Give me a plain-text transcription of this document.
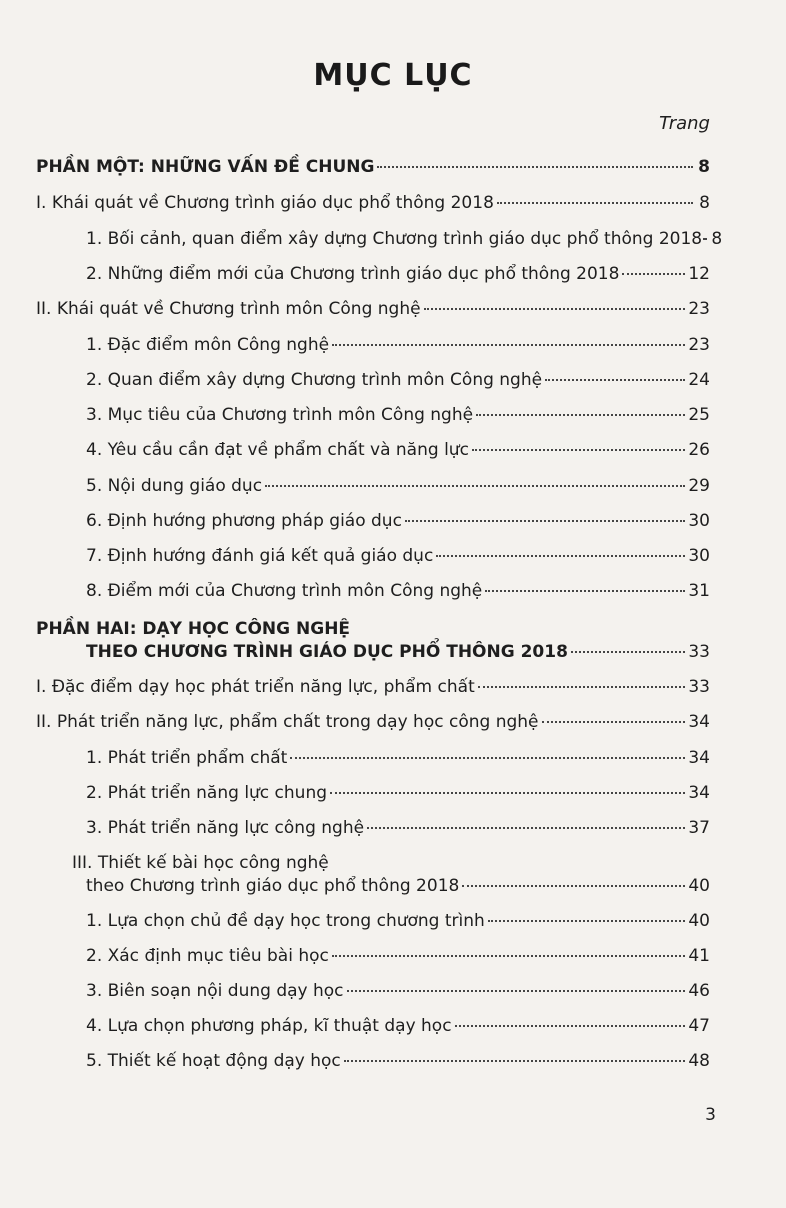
MỤC LỤC
Trang
PHẦN MỘT: NHỮNG VẤN ĐỀ CHUNG	8
I. Khái quát về Chương trình giáo dục phổ thông 2018	8
1. Bối cảnh, quan điểm xây dựng Chương trình giáo dục phổ thông 2018 8
2. Những điểm mới của Chương trình giáo dục phổ thông 2018	12
II. Khái quát về Chương trình môn Công nghệ	23
1. Đặc điểm môn Công nghệ	23
2. Quan điểm xây dựng Chương trình môn Công nghệ	24
3. Mục tiêu của Chương trình môn Công nghệ	25
4. Yêu cầu cần đạt về phẩm chất và năng lực	26
5. Nội dung giáo dục	29
6. Định hướng phương pháp giáo dục	30
7. Định hướng đánh giá kết quả giáo dục	30
8. Điểm mới của Chương trình môn Công nghệ	31
PHẦN HAI: DẠY HỌC CÔNG NGHỆ
THEO CHƯƠNG TRÌNH GIÁO DỤC PHỔ THÔNG 2018	33
I. Đặc điểm dạy học phát triển năng lực, phẩm chất	33
II. Phát triển năng lực, phẩm chất trong dạy học công nghệ	34
1. Phát triển phẩm chất	34
2. Phát triển năng lực chung	34
3. Phát triển năng lực công nghệ	37
III. Thiết kế bài học công nghệ
theo Chương trình giáo dục phổ thông 2018	40
1. Lựa chọn chủ đề dạy học trong chương trình	40
2. Xác định mục tiêu bài học	41
3. Biên soạn nội dung dạy học	46
4. Lựa chọn phương pháp, kĩ thuật dạy học	47
5. Thiết kế hoạt động dạy học	48
3
